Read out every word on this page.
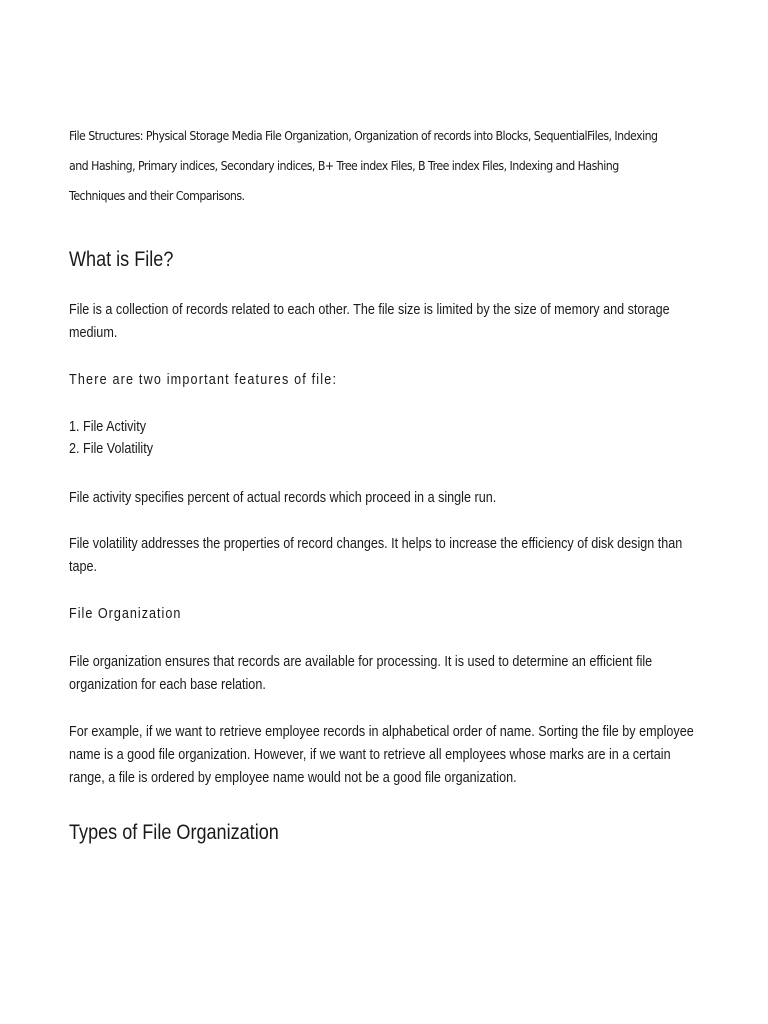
File Structures: Physical Storage Media File Organization, Organization of records into Blocks, SequentialFiles, Indexing and Hashing, Primary indices, Secondary indices, B+ Tree index Files, B Tree index Files, Indexing and Hashing Techniques and their Comparisons.

What is File?

File is a collection of records related to each other. The file size is limited by the size of memory and storage medium.

There are two important features of file:

1. File Activity
2. File Volatility

File activity specifies percent of actual records which proceed in a single run.

File volatility addresses the properties of record changes. It helps to increase the efficiency of disk design than tape.

File Organization

File organization ensures that records are available for processing. It is used to determine an efficient file organization for each base relation.

For example, if we want to retrieve employee records in alphabetical order of name. Sorting the file by employee name is a good file organization. However, if we want to retrieve all employees whose marks are in a certain range, a file is ordered by employee name would not be a good file organization.

Types of File Organization
